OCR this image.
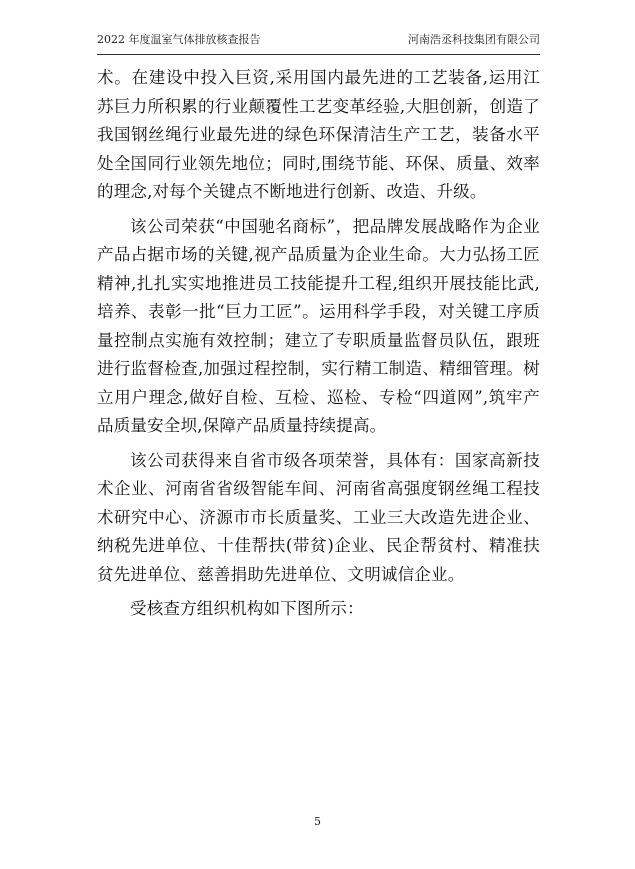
2022 年度温室气体排放核查报告	河南浩丞科技集团有限公司

术。在建设中投入巨资,采用国内最先进的工艺装备,运用江苏巨力所积累的行业颠覆性工艺变革经验,大胆创新，创造了我国钢丝绳行业最先进的绿色环保清洁生产工艺，装备水平处全国同行业领先地位；同时,围绕节能、环保、质量、效率的理念,对每个关键点不断地进行创新、改造、升级。

该公司荣获“中国驰名商标”，把品牌发展战略作为企业产品占据市场的关键,视产品质量为企业生命。大力弘扬工匠精神,扎扎实实地推进员工技能提升工程,组织开展技能比武,培养、表彰一批“巨力工匠”。运用科学手段，对关键工序质量控制点实施有效控制；建立了专职质量监督员队伍，跟班进行监督检查,加强过程控制，实行精工制造、精细管理。树立用户理念,做好自检、互检、巡检、专检“四道网”,筑牢产品质量安全坝,保障产品质量持续提高。

该公司获得来自省市级各项荣誉，具体有：国家高新技术企业、河南省省级智能车间、河南省高强度钢丝绳工程技术研究中心、济源市市长质量奖、工业三大改造先进企业、纳税先进单位、十佳帮扶(带贫)企业、民企帮贫村、精准扶贫先进单位、慈善捐助先进单位、文明诚信企业。

受核查方组织机构如下图所示：

5
